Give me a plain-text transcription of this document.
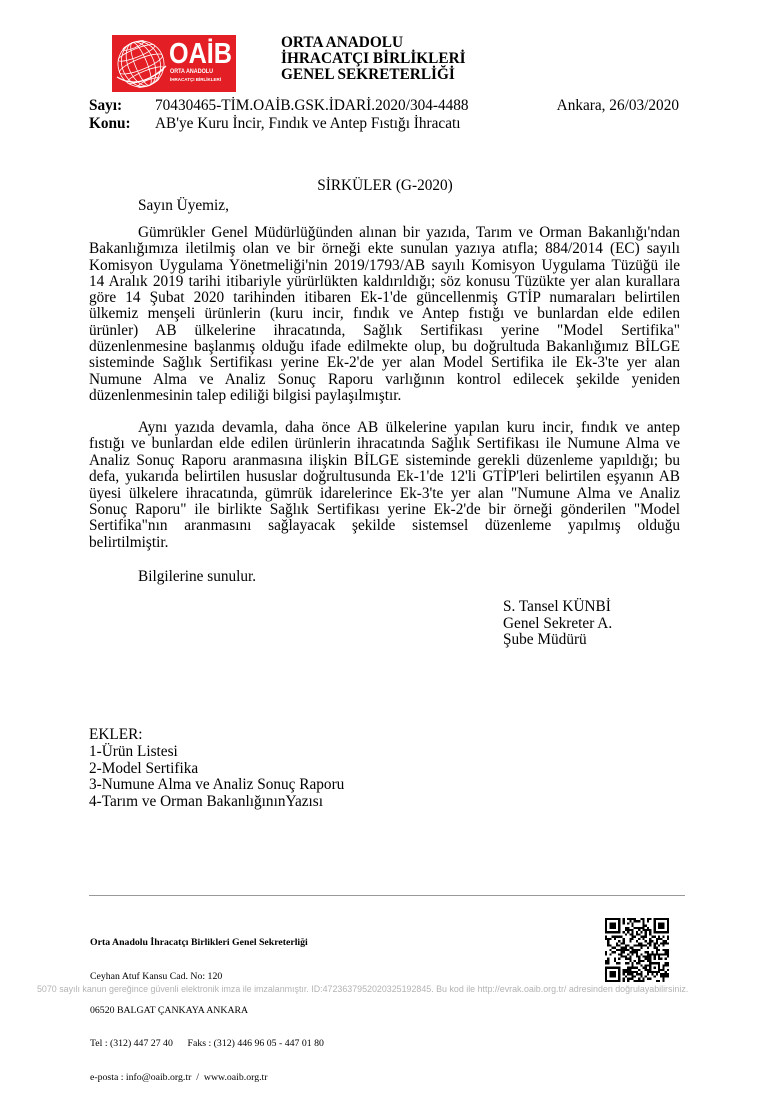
OAİB
ORTA ANADOLU
İHRACATÇI BİRLİKLERİ
ORTA ANADOLU
İHRACATÇI BİRLİKLERİ
GENEL SEKRETERLİĞİ
Sayı:	70430465-TİM.OAİB.GSK.İDARİ.2020/304-4488
Konu:	AB'ye Kuru İncir, Fındık ve Antep Fıstığı İhracatı
Ankara, 26/03/2020
SİRKÜLER (G-2020)
Sayın Üyemiz,
Gümrükler Genel Müdürlüğünden alınan bir yazıda, Tarım ve Orman Bakanlığı'ndan
Bakanlığımıza iletilmiş olan ve bir örneği ekte sunulan yazıya atıfla; 884/2014 (EC) sayılı
Komisyon Uygulama Yönetmeliği'nin 2019/1793/AB sayılı Komisyon Uygulama Tüzüğü ile
14 Aralık 2019 tarihi itibariyle yürürlükten kaldırıldığı; söz konusu Tüzükte yer alan kurallara
göre 14 Şubat 2020 tarihinden itibaren Ek-1'de güncellenmiş GTİP numaraları belirtilen
ülkemiz menşeli ürünlerin (kuru incir, fındık ve Antep fıstığı ve bunlardan elde edilen
ürünler) AB ülkelerine ihracatında, Sağlık Sertifikası yerine "Model Sertifika"
düzenlenmesine başlanmış olduğu ifade edilmekte olup, bu doğrultuda Bakanlığımız BİLGE
sisteminde Sağlık Sertifikası yerine Ek-2'de yer alan Model Sertifika ile Ek-3'te yer alan
Numune Alma ve Analiz Sonuç Raporu varlığının kontrol edilecek şekilde yeniden
düzenlenmesinin talep ediliği bilgisi paylaşılmıştır.
Aynı yazıda devamla, daha önce AB ülkelerine yapılan kuru incir, fındık ve antep
fıstığı ve bunlardan elde edilen ürünlerin ihracatında Sağlık Sertifikası ile Numune Alma ve
Analiz Sonuç Raporu aranmasına ilişkin BİLGE sisteminde gerekli düzenleme yapıldığı; bu
defa, yukarıda belirtilen hususlar doğrultusunda Ek-1'de 12'li GTİP'leri belirtilen eşyanın AB
üyesi ülkelere ihracatında, gümrük idarelerince Ek-3'te yer alan "Numune Alma ve Analiz
Sonuç Raporu" ile birlikte Sağlık Sertifikası yerine Ek-2'de bir örneği gönderilen "Model
Sertifika"nın aranmasını sağlayacak şekilde sistemsel düzenleme yapılmış olduğu
belirtilmiştir.
Bilgilerine sunulur.
S. Tansel KÜNBİ
Genel Sekreter A.
Şube Müdürü
EKLER:
1-Ürün Listesi
2-Model Sertifika
3-Numune Alma ve Analiz Sonuç Raporu
4-Tarım ve Orman BakanlığınınYazısı

Orta Anadolu İhracatçı Birlikleri Genel Sekreterliği

Ceyhan Atuf Kansu Cad. No: 120

06520 BALGAT ÇANKAYA ANKARA

Tel : (312) 447 27 40      Faks : (312) 446 96 05 - 447 01 80

e-posta : info@oaib.org.tr  /  www.oaib.org.tr

5070 sayılı kanun gereğince güvenli elektronik imza ile imzalanmıştır. ID:4723637952020325192845. Bu kod ile http://evrak.oaib.org.tr/ adresinden doğrulayabilirsiniz.
